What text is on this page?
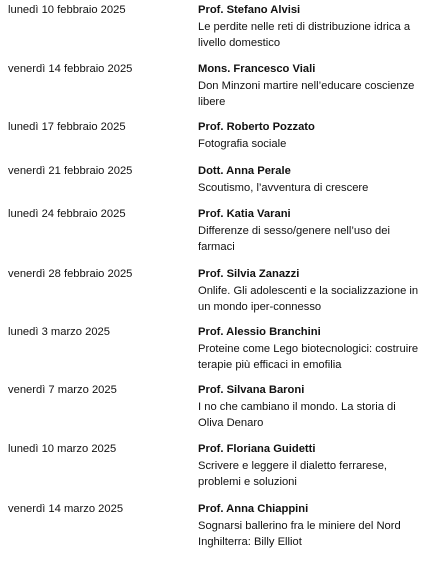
lunedì 10 febbraio 2025	Prof. Stefano Alvisi
Le perdite nelle reti di distribuzione idrica a livello domestico
venerdì 14 febbraio 2025	Mons. Francesco Viali
Don Minzoni martire nell’educare coscienze libere
lunedì 17 febbraio 2025	Prof. Roberto Pozzato
Fotografia sociale
venerdì 21 febbraio 2025	Dott. Anna Perale
Scoutismo, l’avventura di crescere
lunedì 24 febbraio 2025	Prof. Katia Varani
Differenze di sesso/genere nell’uso dei farmaci
venerdì 28 febbraio 2025	Prof. Silvia Zanazzi
Onlife. Gli adolescenti e la socializzazione in un mondo iper-connesso
lunedì 3 marzo 2025	Prof. Alessio Branchini
Proteine come Lego biotecnologici: costruire terapie più efficaci in emofilia
venerdì 7 marzo 2025	Prof. Silvana Baroni
I no che cambiano il mondo. La storia di Oliva Denaro
lunedì 10 marzo 2025	Prof. Floriana Guidetti
Scrivere e leggere il dialetto ferrarese, problemi e soluzioni
venerdì 14 marzo 2025	Prof. Anna Chiappini
Sognarsi ballerino fra le miniere del Nord Inghilterra: Billy Elliot
